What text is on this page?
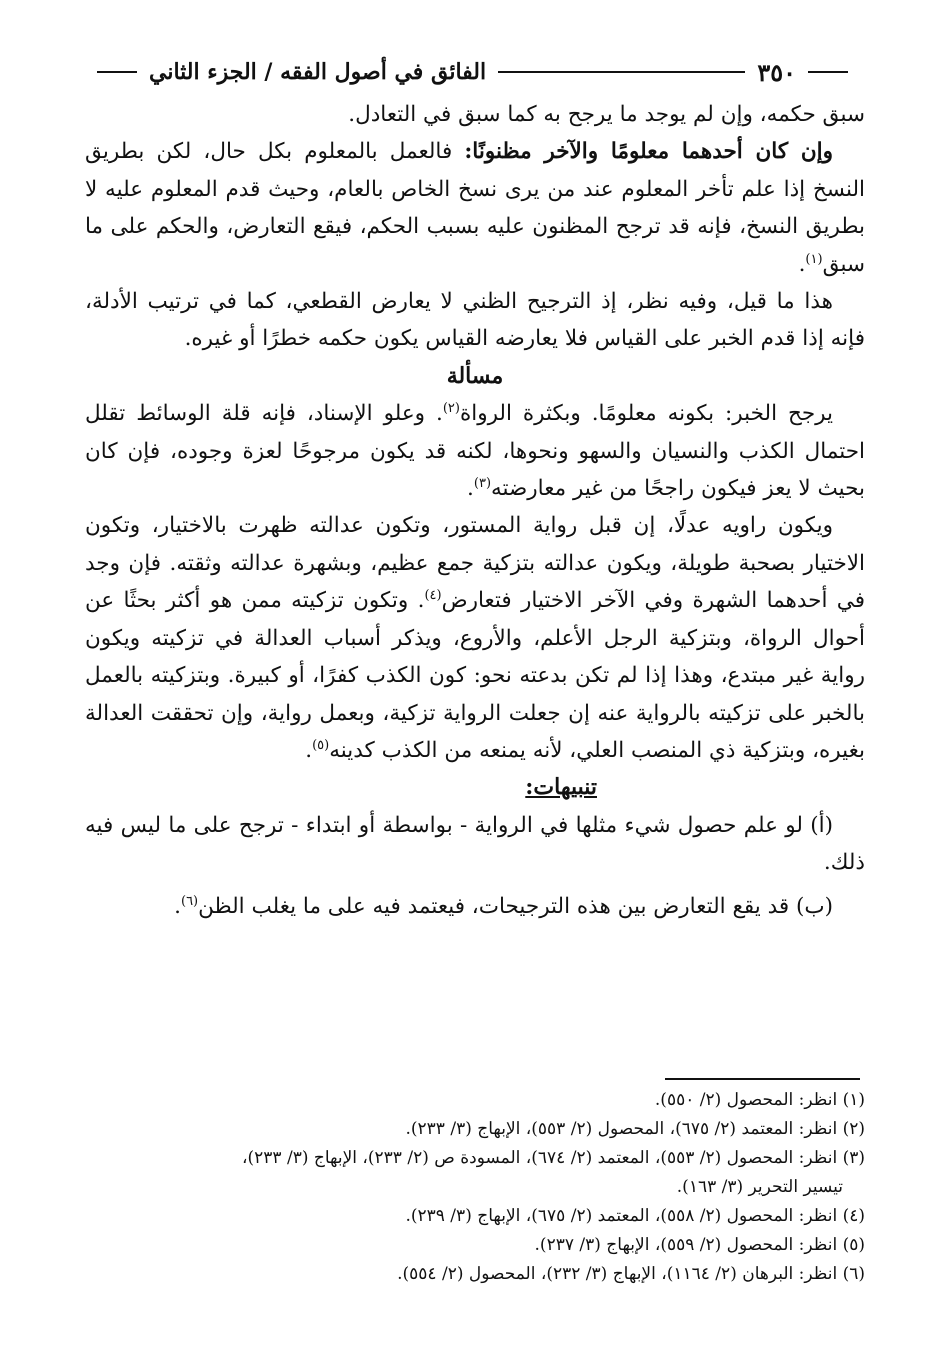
٣٥٠
الفائق في أصول الفقه / الجزء الثاني

سبق حكمه، وإن لم يوجد ما يرجح به كما سبق في التعادل.

وإن كان أحدهما معلومًا والآخر مظنونًا: فالعمل بالمعلوم بكل حال، لكن بطريق النسخ إذا علم تأخر المعلوم عند من يرى نسخ الخاص بالعام، وحيث قدم المعلوم عليه لا بطريق النسخ، فإنه قد ترجح المظنون عليه بسبب الحكم، فيقع التعارض، والحكم على ما سبق$^{(١)}$.

هذا ما قيل، وفيه نظر، إذ الترجيح الظني لا يعارض القطعي، كما في ترتيب الأدلة، فإنه إذا قدم الخبر على القياس فلا يعارضه القياس يكون حكمه خطرًا أو غيره.

مسألة

يرجح الخبر: بكونه معلومًا. وبكثرة الرواة$^{(٢)}$. وعلو الإسناد، فإنه قلة الوسائط تقلل احتمال الكذب والنسيان والسهو ونحوها، لكنه قد يكون مرجوحًا لعزة وجوده، فإن كان بحيث لا يعز فيكون راجحًا من غير معارضته$^{(٣)}$.

ويكون راويه عدلًا، إن قبل رواية المستور، وتكون عدالته ظهرت بالاختيار، وتكون الاختيار بصحبة طويلة، ويكون عدالته بتزكية جمع عظيم، وبشهرة عدالته وثقته. فإن وجد في أحدهما الشهرة وفي الآخر الاختيار فتعارض$^{(٤)}$. وتكون تزكيته ممن هو أكثر بحثًا عن أحوال الرواة، وبتزكية الرجل الأعلم، والأروع، ويذكر أسباب العدالة في تزكيته ويكون رواية غير مبتدع، وهذا إذا لم تكن بدعته نحو: كون الكذب كفرًا، أو كبيرة. وبتزكيته بالعمل بالخبر على تزكيته بالرواية عنه إن جعلت الرواية تزكية، وبعمل رواية، وإن تحققت العدالة بغيره، وبتزكية ذي المنصب العلي، لأنه يمنعه من الكذب كدينه$^{(٥)}$.

تنبيهات:

(أ) لو علم حصول شيء مثلها في الرواية - بواسطة أو ابتداء - ترجح على ما ليس فيه ذلك.

(ب) قد يقع التعارض بين هذه الترجيحات، فيعتمد فيه على ما يغلب الظن$^{(٦)}$.

(١) انظر: المحصول (٢/ ٥٥٠).

(٢) انظر: المعتمد (٢/ ٦٧٥)، المحصول (٢/ ٥٥٣)، الإبهاج (٣/ ٢٣٣).

(٣) انظر: المحصول (٢/ ٥٥٣)، المعتمد (٢/ ٦٧٤)، المسودة ص (٢/ ٢٣٣)، الإبهاج (٣/ ٢٣٣)،

تيسير التحرير (٣/ ١٦٣).

(٤) انظر: المحصول (٢/ ٥٥٨)، المعتمد (٢/ ٦٧٥)، الإبهاج (٣/ ٢٣٩).

(٥) انظر: المحصول (٢/ ٥٥٩)، الإبهاج (٣/ ٢٣٧).

(٦) انظر: البرهان (٢/ ١١٦٤)، الإبهاج (٣/ ٢٣٢)، المحصول (٢/ ٥٥٤).
